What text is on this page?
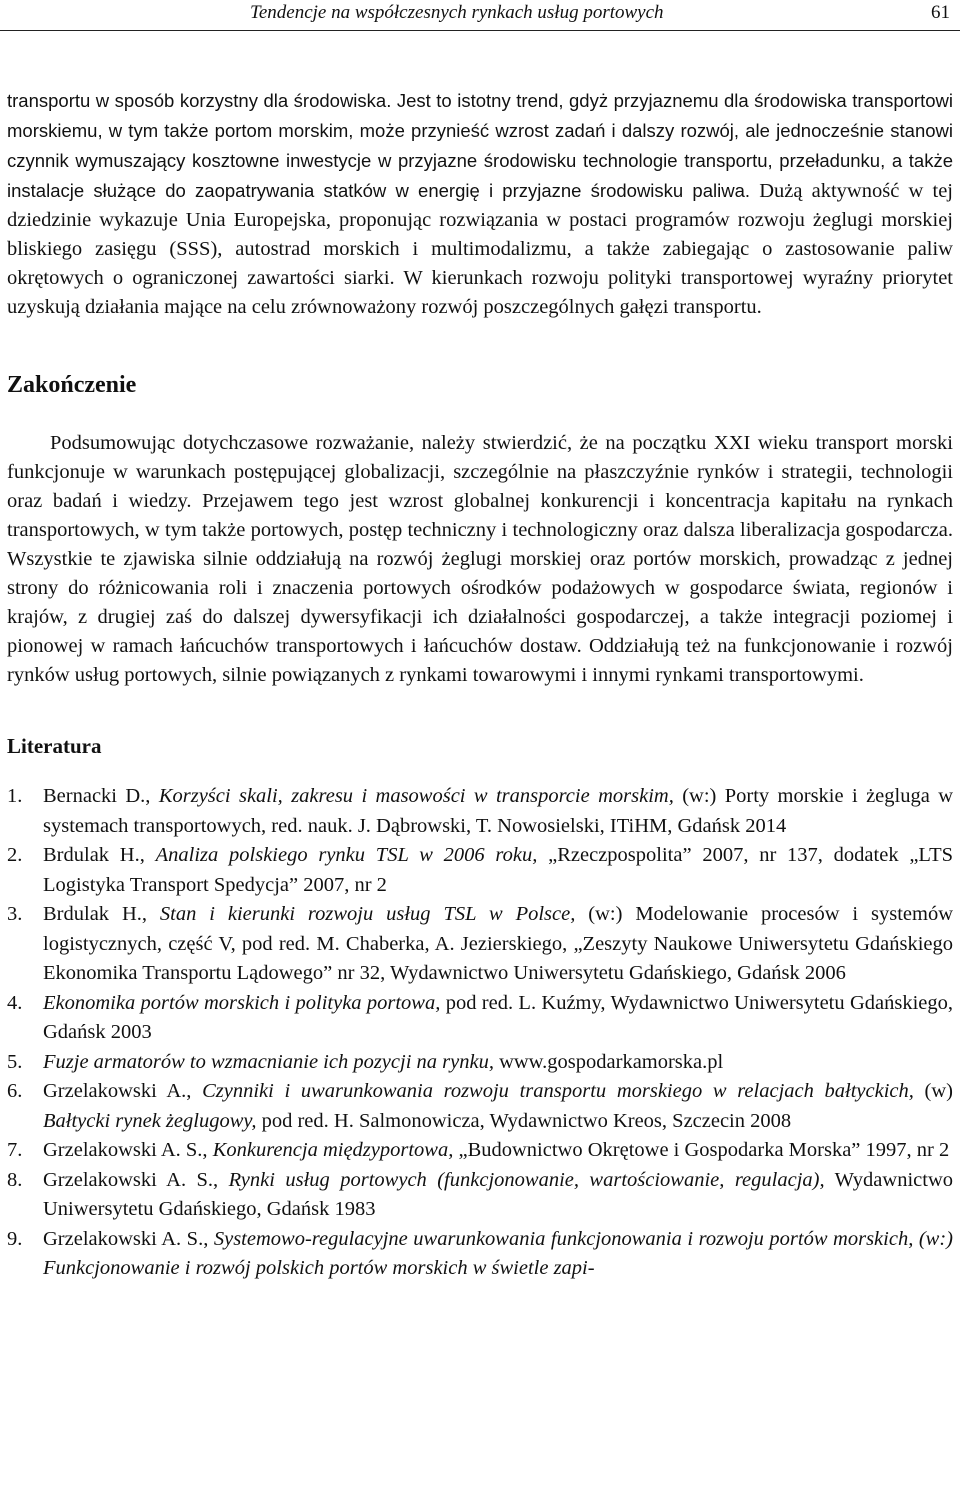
Tendencje na współczesnych rynkach usług portowych	61

transportu w sposób korzystny dla środowiska. Jest to istotny trend, gdyż przyjaznemu dla środowiska transportowi morskiemu, w tym także portom morskim, może przynieść wzrost zadań i dalszy rozwój, ale jednocześnie stanowi czynnik wymuszający kosztowne inwestycje w przyjazne środowisku technologie transportu, przeładunku, a także instalacje służące do zaopatrywania statków w energię i przyjazne środowisku paliwa. Dużą aktywność w tej dziedzinie wykazuje Unia Europejska, proponując rozwiązania w postaci programów rozwoju żeglugi morskiej bliskiego zasięgu (SSS), autostrad morskich i multimodalizmu, a także zabiegając o zastosowanie paliw okrętowych o ograniczonej zawartości siarki. W kierunkach rozwoju polityki transportowej wyraźny priorytet uzyskują działania mające na celu zrównoważony rozwój poszczególnych gałęzi transportu.

Zakończenie

Podsumowując dotychczasowe rozważanie, należy stwierdzić, że na początku XXI wieku transport morski funkcjonuje w warunkach postępującej globalizacji, szczególnie na płaszczyźnie rynków i strategii, technologii oraz badań i wiedzy. Przejawem tego jest wzrost globalnej konkurencji i koncentracja kapitału na rynkach transportowych, w tym także portowych, postęp techniczny i technologiczny oraz dalsza liberalizacja gospodarcza. Wszystkie te zjawiska silnie oddziałują na rozwój żeglugi morskiej oraz portów morskich, prowadząc z jednej strony do różnicowania roli i znaczenia portowych ośrodków podażowych w gospodarce świata, regionów i krajów, z drugiej zaś do dalszej dywersyfikacji ich działalności gospodarczej, a także integracji poziomej i pionowej w ramach łańcuchów transportowych i łańcuchów dostaw. Oddziałują też na funkcjonowanie i rozwój rynków usług portowych, silnie powiązanych z rynkami towarowymi i innymi rynkami transportowymi.

Literatura
1. Bernacki D., Korzyści skali, zakresu i masowości w transporcie morskim, (w:) Porty morskie i żegluga w systemach transportowych, red. nauk. J. Dąbrowski, T. Nowosielski, ITiHM, Gdańsk 2014
2. Brdulak H., Analiza polskiego rynku TSL w 2006 roku, „Rzeczpospolita” 2007, nr 137, dodatek „LTS Logistyka Transport Spedycja” 2007, nr 2
3. Brdulak H., Stan i kierunki rozwoju usług TSL w Polsce, (w:) Modelowanie procesów i systemów logistycznych, część V, pod red. M. Chaberka, A. Jezierskiego, „Zeszyty Naukowe Uniwersytetu Gdańskiego Ekonomika Transportu Lądowego” nr 32, Wydawnictwo Uniwersytetu Gdańskiego, Gdańsk 2006
4. Ekonomika portów morskich i polityka portowa, pod red. L. Kuźmy, Wydawnictwo Uniwersytetu Gdańskiego, Gdańsk 2003
5. Fuzje armatorów to wzmacnianie ich pozycji na rynku, www.gospodarkamorska.pl
6. Grzelakowski A., Czynniki i uwarunkowania rozwoju transportu morskiego w relacjach bałtyckich, (w) Bałtycki rynek żeglugowy, pod red. H. Salmonowicza, Wydawnictwo Kreos, Szczecin 2008
7. Grzelakowski A. S., Konkurencja międzyportowa, „Budownictwo Okrętowe i Gospodarka Morska” 1997, nr 2
8. Grzelakowski A. S., Rynki usług portowych (funkcjonowanie, wartościowanie, regulacja), Wydawnictwo Uniwersytetu Gdańskiego, Gdańsk 1983
9. Grzelakowski A. S., Systemowo-regulacyjne uwarunkowania funkcjonowania i rozwoju portów morskich, (w:) Funkcjonowanie i rozwój polskich portów morskich w świetle zapi-
